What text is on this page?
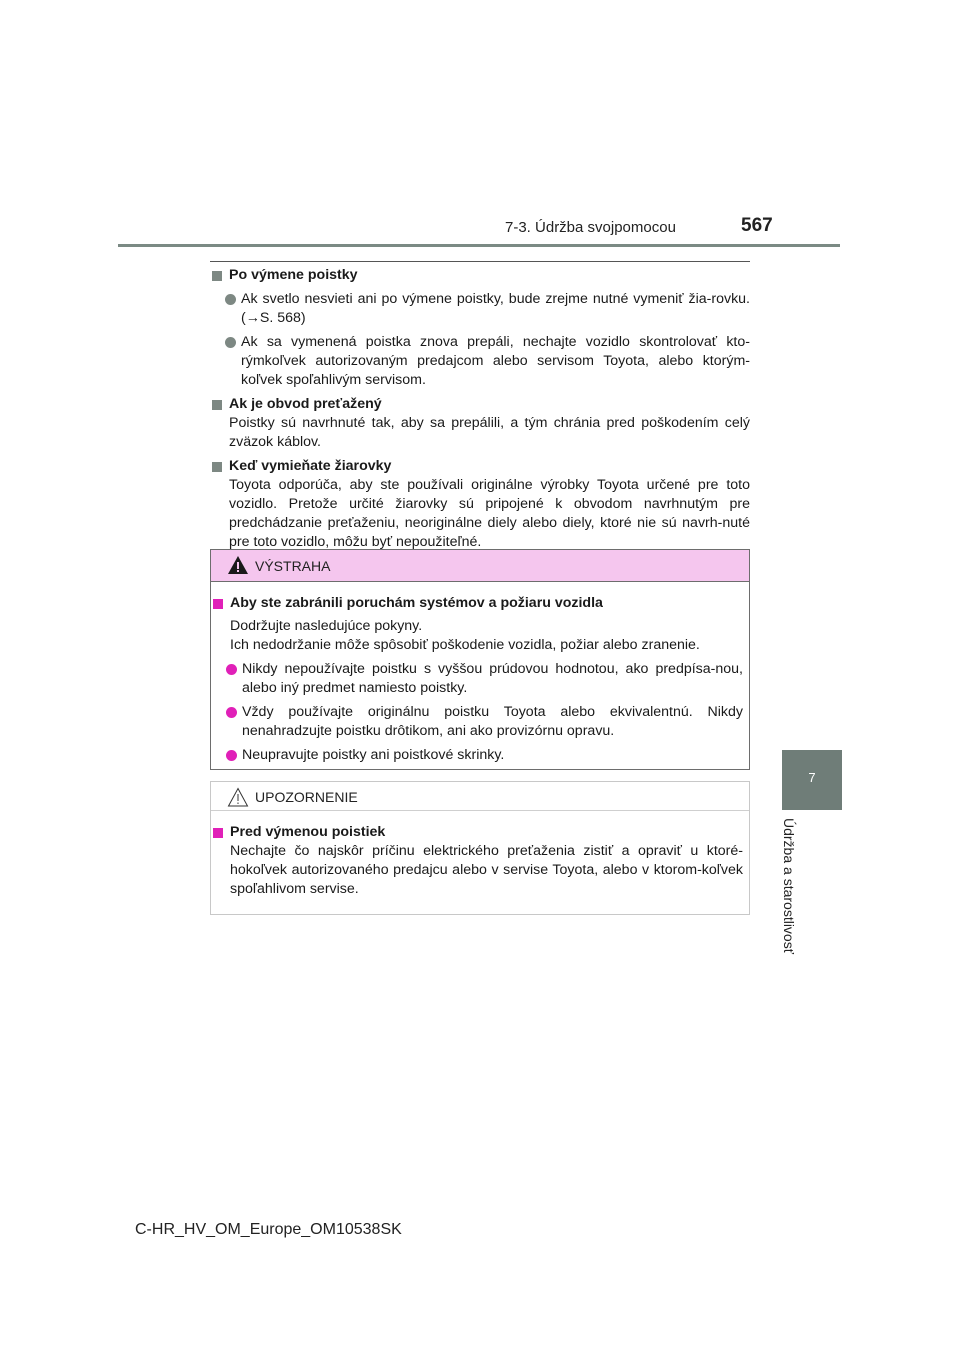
7-3. Údržba svojpomocou	567
7
Údržba a starostlivosť

Po výmene poistky

Ak svetlo nesvieti ani po výmene poistky, bude zrejme nutné vymeniť žia-rovku. (→S. 568)

Ak sa vymenená poistka znova prepáli, nechajte vozidlo skontrolovať kto-rýmkoľvek autorizovaným predajcom alebo servisom Toyota, alebo ktorým-koľvek spoľahlivým servisom.

Ak je obvod preťažený

Poistky sú navrhnuté tak, aby sa prepálili, a tým chránia pred poškodením celý zväzok káblov.

Keď vymieňate žiarovky

Toyota odporúča, aby ste používali originálne výrobky Toyota určené pre toto vozidlo. Pretože určité žiarovky sú pripojené k obvodom navrhnutým pre predchádzanie preťaženiu, neoriginálne diely alebo diely, ktoré nie sú navrh-nuté pre toto vozidlo, môžu byť nepoužiteľné.

VÝSTRAHA

Aby ste zabránili poruchám systémov a požiaru vozidla

Dodržujte nasledujúce pokyny.

Ich nedodržanie môže spôsobiť poškodenie vozidla, požiar alebo zranenie.

Nikdy nepoužívajte poistku s vyššou prúdovou hodnotou, ako predpísa-nou, alebo iný predmet namiesto poistky.

Vždy používajte originálnu poistku Toyota alebo ekvivalentnú. Nikdy nenahradzujte poistku drôtikom, ani ako provizórnu opravu.

Neupravujte poistky ani poistkové skrinky.

UPOZORNENIE

Pred výmenou poistiek

Nechajte čo najskôr príčinu elektrického preťaženia zistiť a opraviť u ktoré-hokoľvek autorizovaného predajcu alebo v servise Toyota, alebo v ktorom-koľvek spoľahlivom servise.

C-HR_HV_OM_Europe_OM10538SK
